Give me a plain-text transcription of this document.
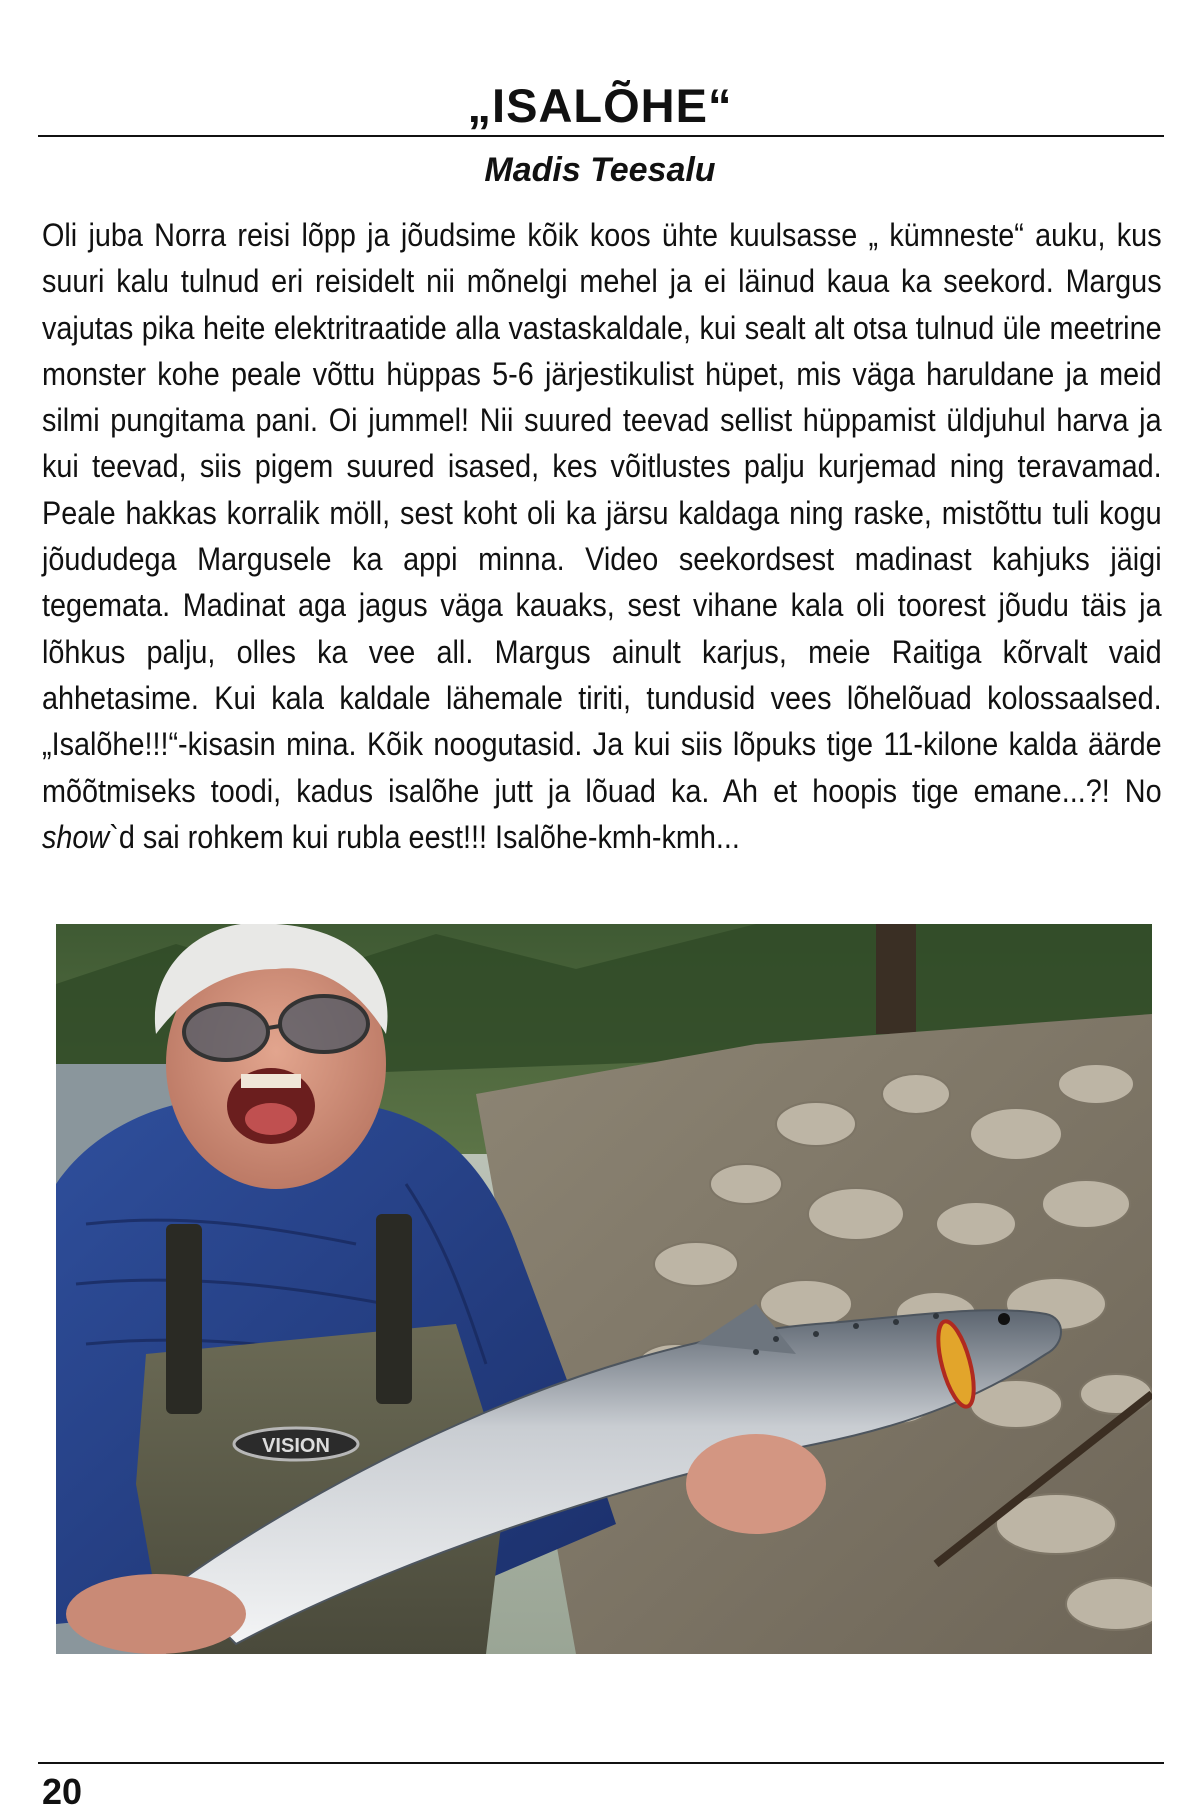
„ISALÕHE“
Madis Teesalu

Oli juba Norra reisi lõpp ja jõudsime kõik koos ühte kuulsasse „ kümneste“ auku, kus suuri kalu tulnud eri reisidelt nii mõnelgi mehel ja ei läinud kaua ka seekord. Margus vajutas pika heite elektritraatide alla vastaskaldale, kui sealt alt otsa tulnud üle meetrine monster kohe peale võttu hüppas 5-6 järjestikulist hüpet, mis väga haruldane ja meid silmi pungitama pani. Oi jummel! Nii suured teevad sellist hüppamist üldjuhul harva ja kui teevad, siis pigem suured isased, kes võitlustes palju kurjemad ning teravamad. Peale hakkas korralik möll, sest koht oli ka järsu kaldaga ning raske, mistõttu tuli kogu jõududega Margusele ka appi minna. Video seekordsest madinast kahjuks jäigi tegemata. Madinat aga jagus väga kauaks, sest vihane kala oli toorest jõudu täis ja lõhkus palju, olles ka vee all. Margus ainult karjus, meie Raitiga kõrvalt vaid ahhetasime. Kui kala kaldale lähemale tiriti, tundusid vees lõhelõuad kolossaalsed. „Isalõhe!!!“-kisasin mina. Kõik noogutasid. Ja kui siis lõpuks tige 11-kilone kalda äärde mõõtmiseks toodi, kadus isalõhe jutt ja lõuad ka. Ah et hoopis tige emane...?! No show`d sai rohkem kui rubla eest!!! Isalõhe-kmh-kmh...

VISION
20
